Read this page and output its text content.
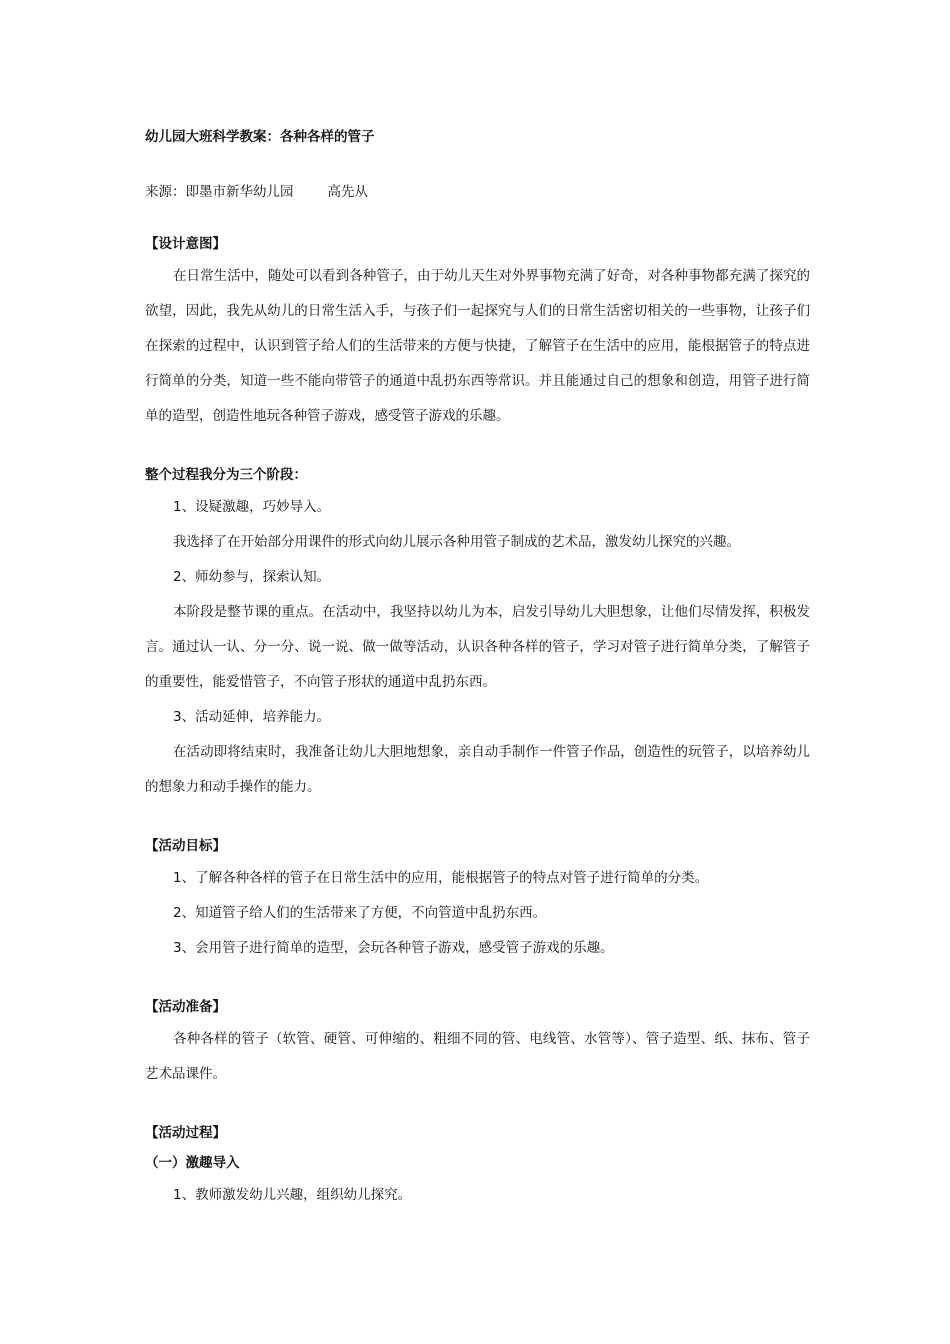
幼儿园大班科学教案：各种各样的管子

来源：即墨市新华幼儿园	高先从

【设计意图】

在日常生活中，随处可以看到各种管子，由于幼儿天生对外界事物充满了好奇，对各种事物都充满了探究的欲望，因此，我先从幼儿的日常生活入手，与孩子们一起探究与人们的日常生活密切相关的一些事物，让孩子们在探索的过程中，认识到管子给人们的生活带来的方便与快捷，了解管子在生活中的应用，能根据管子的特点进行简单的分类，知道一些不能向带管子的通道中乱扔东西等常识。并且能通过自己的想象和创造，用管子进行简单的造型，创造性地玩各种管子游戏，感受管子游戏的乐趣。

整个过程我分为三个阶段：

1、设疑激趣，巧妙导入。

我选择了在开始部分用课件的形式向幼儿展示各种用管子制成的艺术品，激发幼儿探究的兴趣。

2、师幼参与，探索认知。

本阶段是整节课的重点。在活动中，我坚持以幼儿为本，启发引导幼儿大胆想象，让他们尽情发挥，积极发言。通过认一认、分一分、说一说、做一做等活动，认识各种各样的管子，学习对管子进行简单分类，了解管子的重要性，能爱惜管子，不向管子形状的通道中乱扔东西。

3、活动延伸，培养能力。

在活动即将结束时，我准备让幼儿大胆地想象，亲自动手制作一件管子作品，创造性的玩管子，以培养幼儿的想象力和动手操作的能力。

【活动目标】

1、了解各种各样的管子在日常生活中的应用，能根据管子的特点对管子进行简单的分类。

2、知道管子给人们的生活带来了方便，不向管道中乱扔东西。

3、会用管子进行简单的造型，会玩各种管子游戏，感受管子游戏的乐趣。

【活动准备】

各种各样的管子（软管、硬管、可伸缩的、粗细不同的管、电线管、水管等）、管子造型、纸、抹布、管子艺术品课件。

【活动过程】

（一）激趣导入

1、教师激发幼儿兴趣，组织幼儿探究。
